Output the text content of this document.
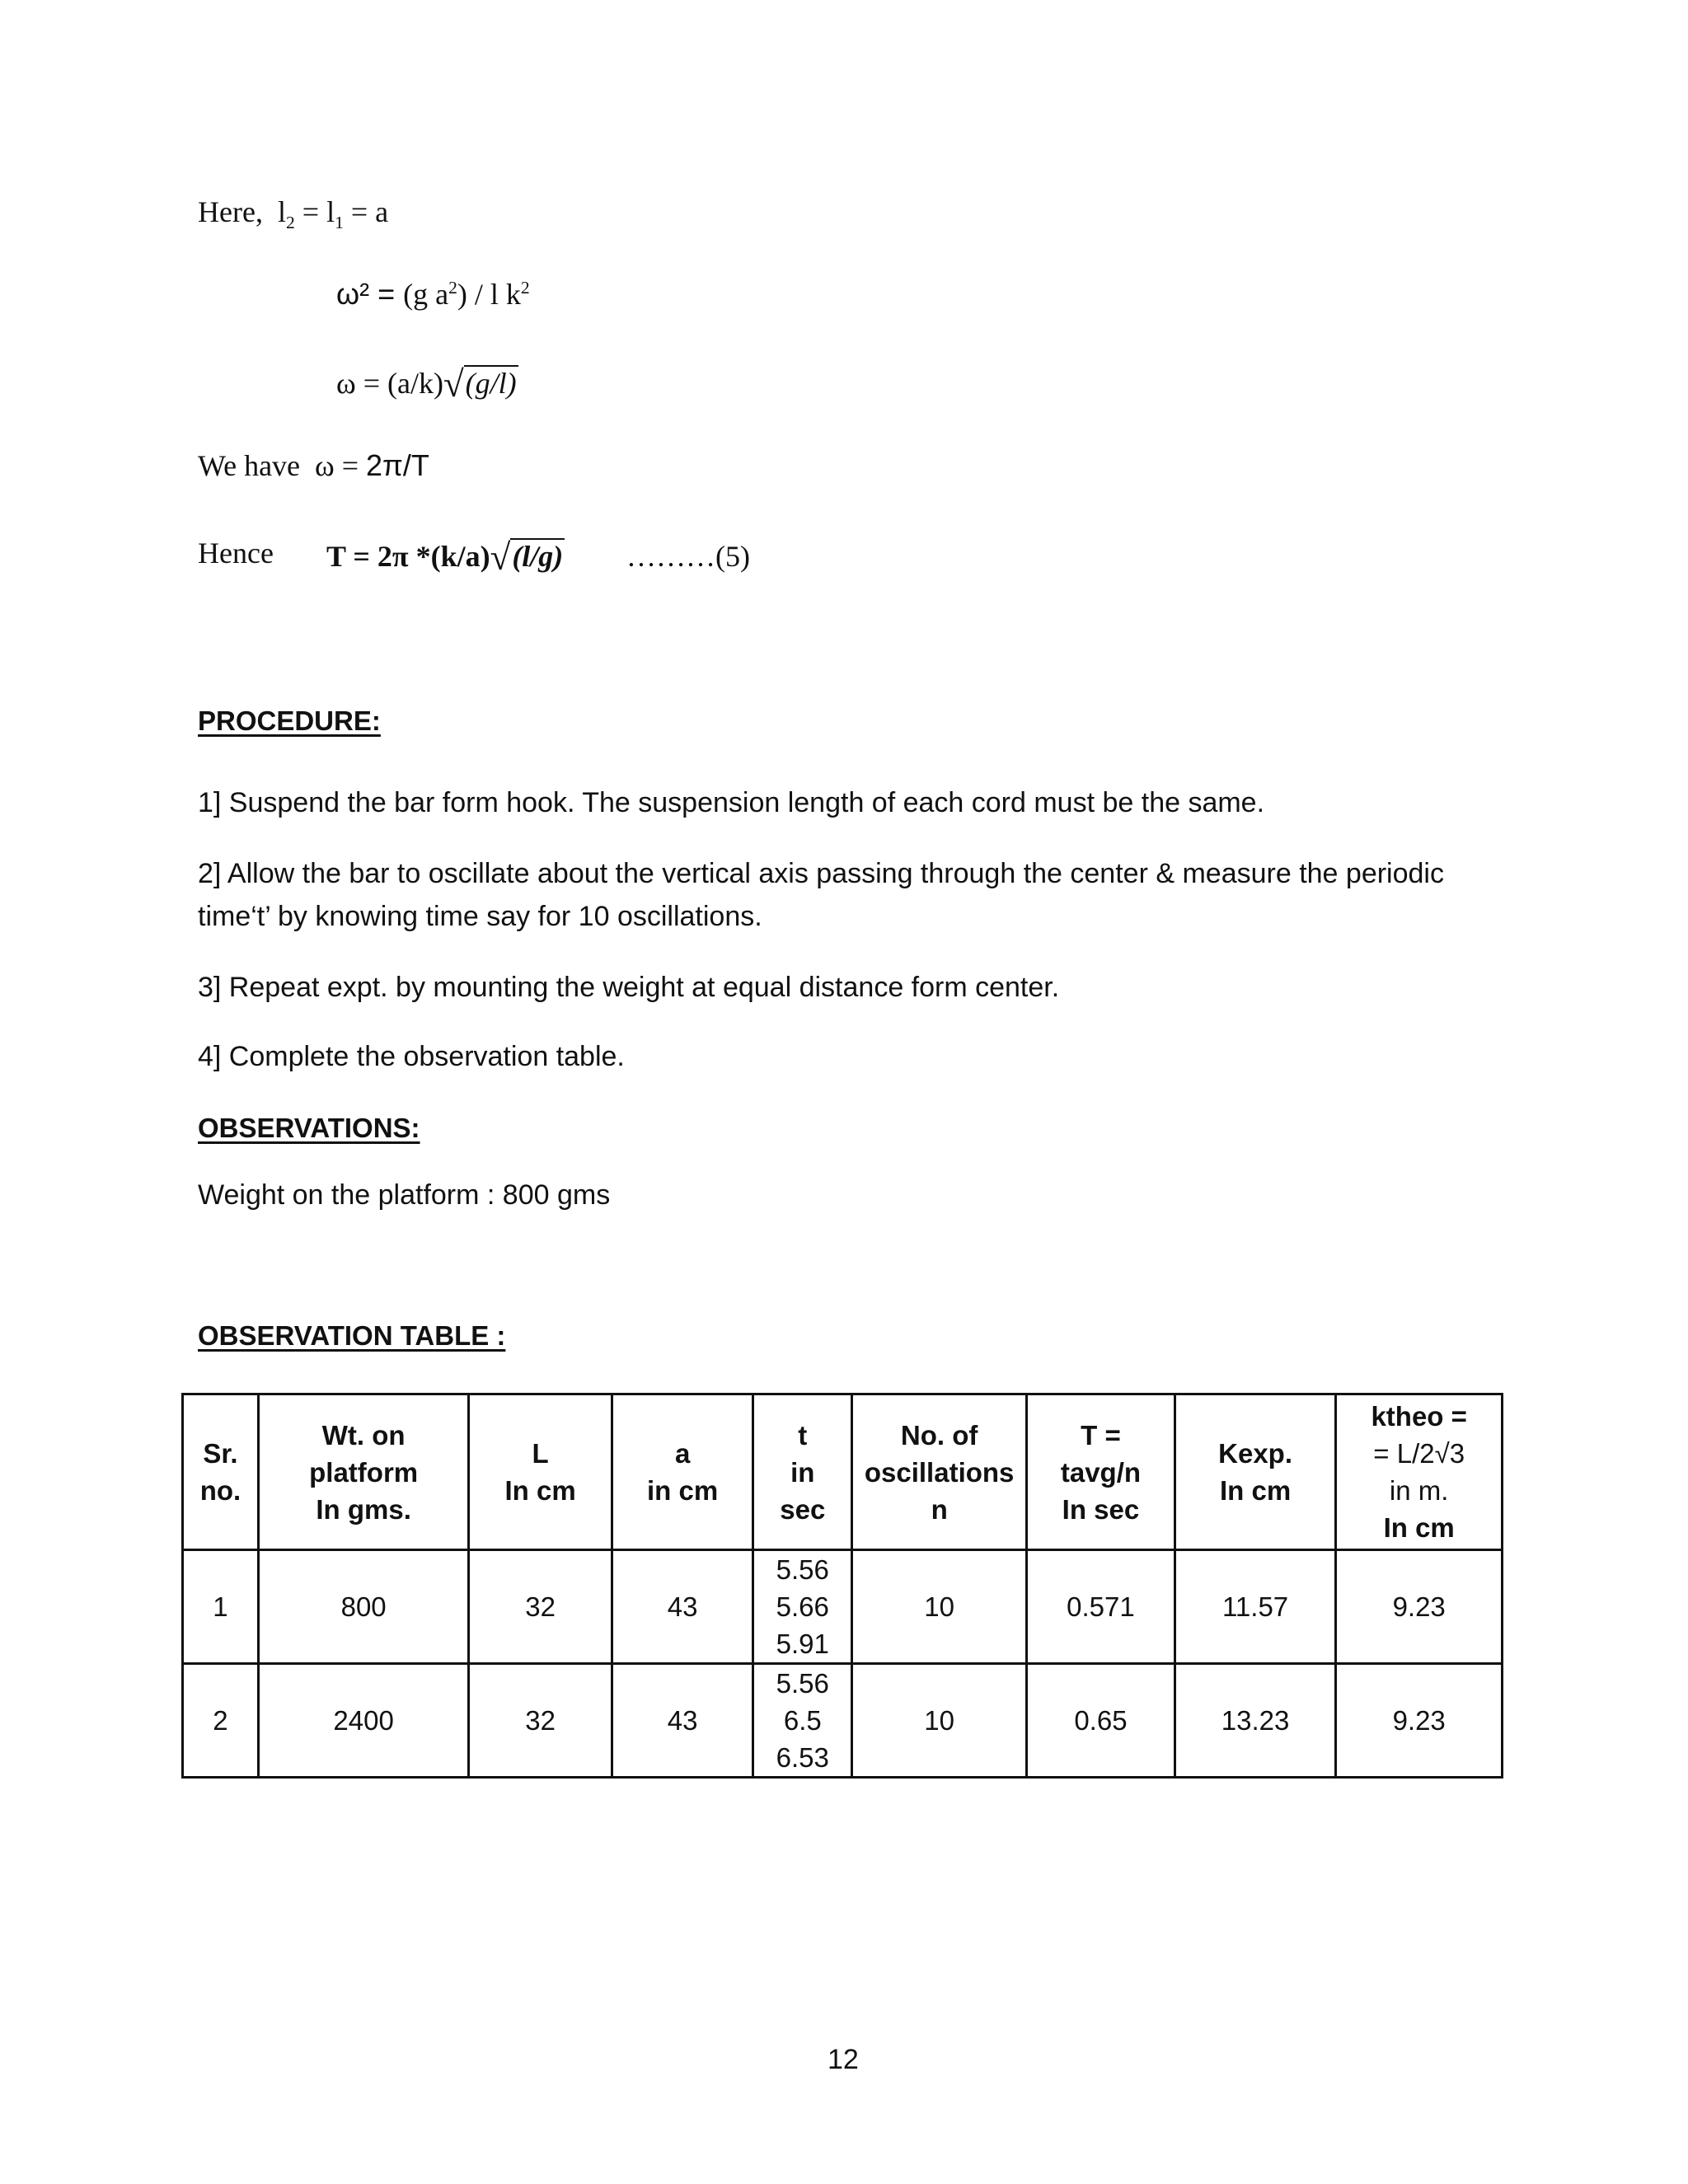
Here, $l_2 = l_1 = a$
ω² = (g $a^2$) / l $k^2$
ω = (a/k)√(g/l)
We have ω = 2π/T
Hence T = 2π *(k/a)√(l/g) ………(5)
PROCEDURE:
1] Suspend the bar form hook. The suspension length of each cord must be the same.
2] Allow the bar to oscillate about the vertical axis passing through the center & measure the periodic
time‘t’ by knowing time say for 10 oscillations.
3] Repeat expt. by mounting the weight at equal distance form center.
4] Complete the observation table.
OBSERVATIONS:
Weight on the platform : 800 gms
OBSERVATION TABLE :
Sr.
no.	Wt. on
platform
In gms.	L
In cm	a
in cm	t
in
sec	No. of
oscillations
n	T =
tavg/n
In sec	Kexp.
In cm	ktheo =
= L/2√3
in m.
In cm

1	800	32	43	5.56
5.66
5.91	10	0.571	11.57	9.23
2	2400	32	43	5.56
6.5
6.53	10	0.65	13.23	9.23
12
